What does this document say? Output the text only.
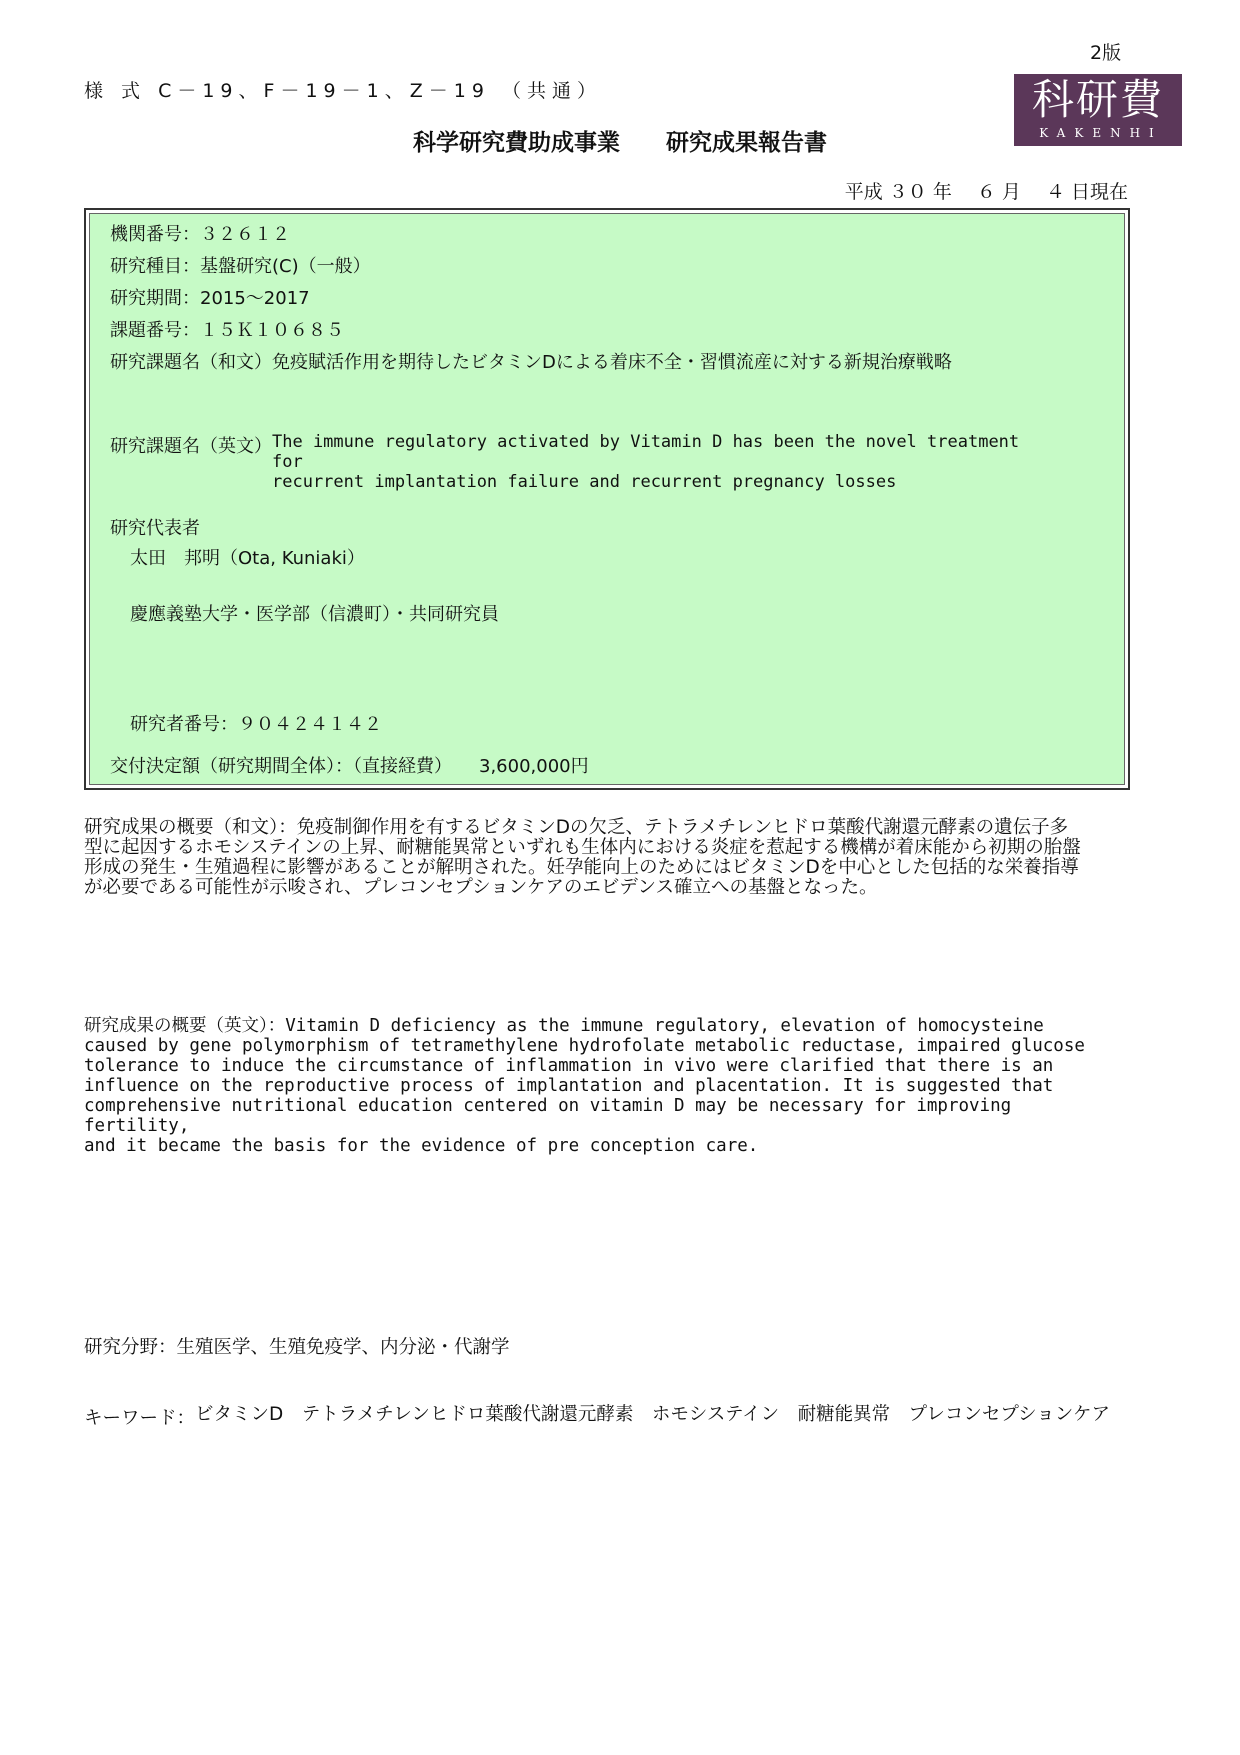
2版
様 式 C－19、F－19－1、Z－19 （共通）
科学研究費助成事業　　研究成果報告書
科研費
KAKENHI
平成 ３０ 年　 ６ 月　 ４ 日現在
機関番号：３２６１２
研究種目：基盤研究(C)（一般）
研究期間：2015～2017
課題番号：１５Ｋ１０６８５
研究課題名（和文）免疫賦活作用を期待したビタミンDによる着床不全・習慣流産に対する新規治療戦略
研究課題名（英文） The immune regulatory activated by Vitamin D has been the novel treatment for
recurrent implantation failure and recurrent pregnancy losses
研究代表者
太田　邦明（Ota, Kuniaki）
慶應義塾大学・医学部（信濃町）・共同研究員
研究者番号：９０４２４１４２
交付決定額（研究期間全体）：（直接経費）　　3,600,000円
研究成果の概要（和文）：免疫制御作用を有するビタミンDの欠乏、テトラメチレンヒドロ葉酸代謝還元酵素の遺伝子多型に起因するホモシステインの上昇、耐糖能異常といずれも生体内における炎症を惹起する機構が着床能から初期の胎盤形成の発生・生殖過程に影響があることが解明された。妊孕能向上のためにはビタミンDを中心とした包括的な栄養指導が必要である可能性が示唆され、プレコンセプションケアのエビデンス確立への基盤となった。
研究成果の概要（英文）：Vitamin D deficiency as the immune regulatory, elevation of homocysteine
caused by gene polymorphism of tetramethylene hydrofolate metabolic reductase, impaired glucose
tolerance to induce the circumstance of inflammation in vivo were clarified that there is an
influence on the reproductive process of implantation and placentation. It is suggested that
comprehensive nutritional education centered on vitamin D may be necessary for improving fertility,
and it became the basis for the evidence of pre conception care.
研究分野：生殖医学、生殖免疫学、内分泌・代謝学
キーワード： ビタミンD　テトラメチレンヒドロ葉酸代謝還元酵素　ホモシステイン　耐糖能異常　プレコンセプションケア
